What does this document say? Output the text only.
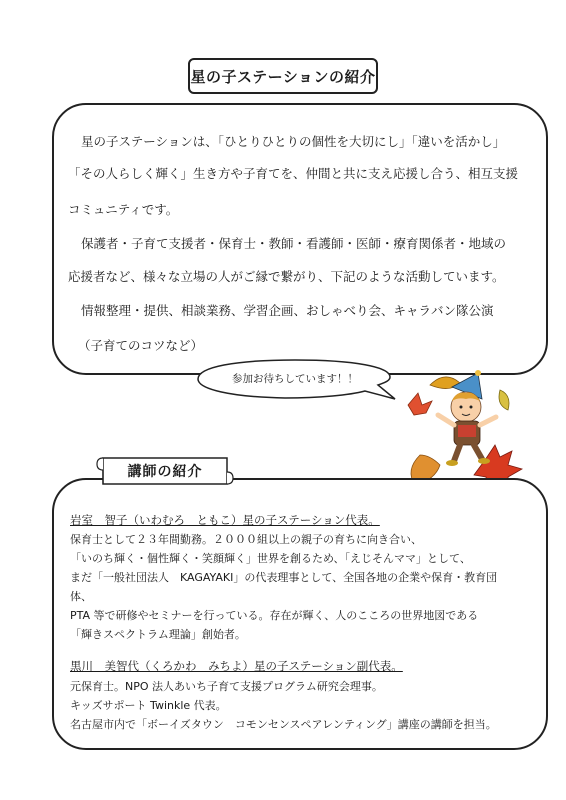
星の子ステーションの紹介
星の子ステーションは、「ひとりひとりの個性を大切にし」「違いを活かし」
「その人らしく輝く」生き方や子育てを、仲間と共に支え応援し合う、相互支援
コミュニティです。
保護者・子育て支援者・保育士・教師・看護師・医師・療育関係者・地域の
応援者など、様々な立場の人がご縁で繋がり、下記のような活動しています。
情報整理・提供、相談業務、学習企画、おしゃべり会、キャラバン隊公演
（子育てのコツなど）
参加お待ちしています！！
講師の紹介
岩室　智子（いわむろ　ともこ）星の子ステーション代表。
保育士として２３年間勤務。２０００組以上の親子の育ちに向き合い、
「いのち輝く・個性輝く・笑顔輝く」世界を創るため、「えじそんママ」として、
まだ「一般社団法人　KAGAYAKI」の代表理事として、全国各地の企業や保育・教育団
体、
PTA 等で研修やセミナーを行っている。存在が輝く、人のこころの世界地図である
「輝きスペクトラム理論」創始者。
黒川　美智代（くろかわ　みちよ）星の子ステーション副代表。
元保育士。NPO 法人あいち子育て支援プログラム研究会理事。
キッズサポート Twinkle 代表。
名古屋市内で「ボーイズタウン　コモンセンスペアレンティング」講座の講師を担当。
